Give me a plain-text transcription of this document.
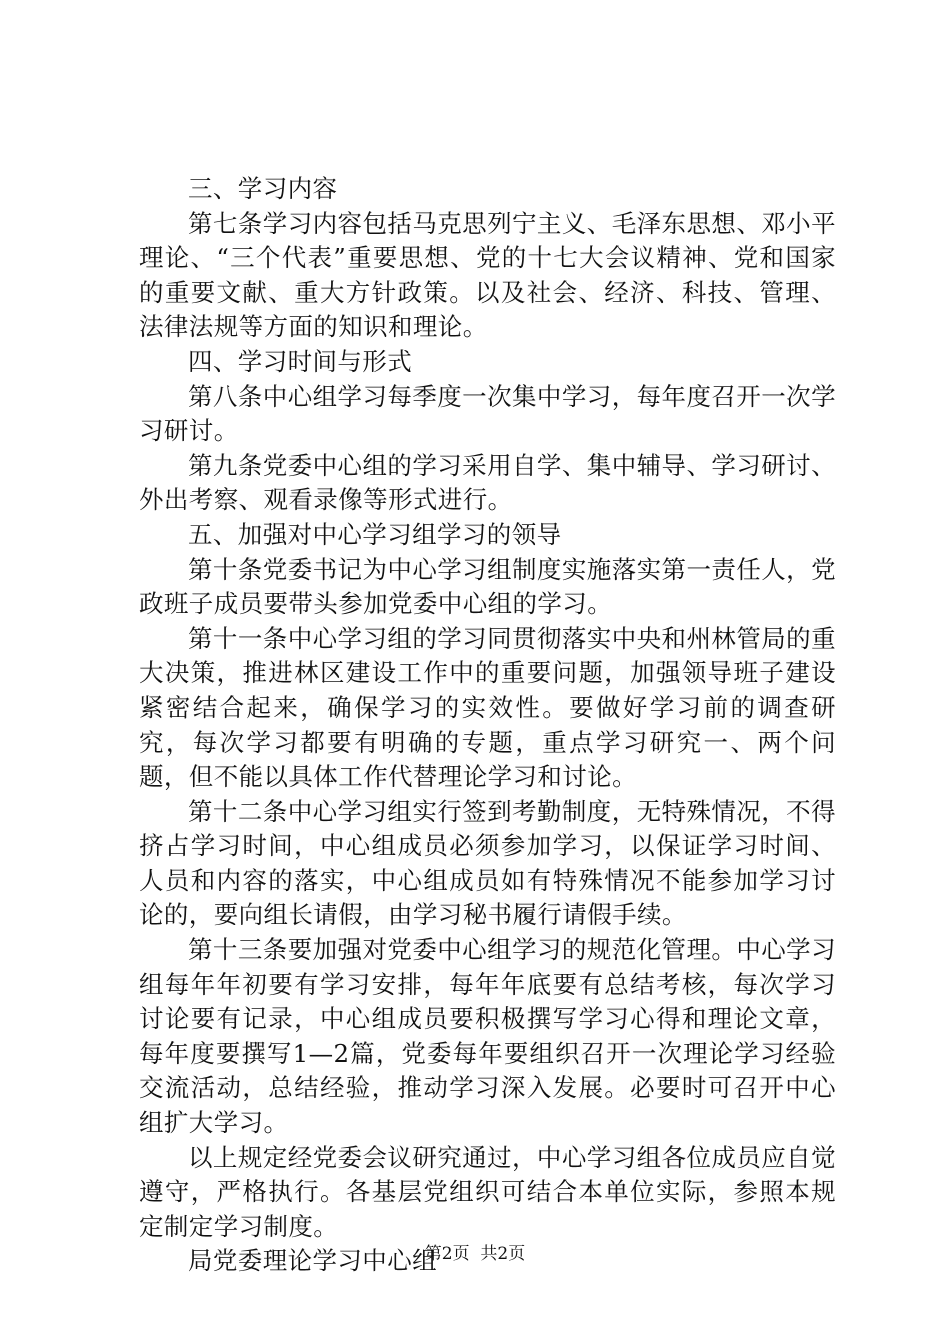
三、学习内容

第七条学习内容包括马克思列宁主义、毛泽东思想、邓小平理论、“三个代表”重要思想、党的十七大会议精神、党和国家的重要文献、重大方针政策。以及社会、经济、科技、管理、法律法规等方面的知识和理论。

四、学习时间与形式

第八条中心组学习每季度一次集中学习，每年度召开一次学习研讨。

第九条党委中心组的学习采用自学、集中辅导、学习研讨、外出考察、观看录像等形式进行。

五、加强对中心学习组学习的领导

第十条党委书记为中心学习组制度实施落实第一责任人，党政班子成员要带头参加党委中心组的学习。

第十一条中心学习组的学习同贯彻落实中央和州林管局的重大决策，推进林区建设工作中的重要问题，加强领导班子建设紧密结合起来，确保学习的实效性。要做好学习前的调查研究，每次学习都要有明确的专题，重点学习研究一、两个问题，但不能以具体工作代替理论学习和讨论。

第十二条中心学习组实行签到考勤制度，无特殊情况，不得挤占学习时间，中心组成员必须参加学习，以保证学习时间、人员和内容的落实，中心组成员如有特殊情况不能参加学习讨论的，要向组长请假，由学习秘书履行请假手续。

第十三条要加强对党委中心组学习的规范化管理。中心学习组每年年初要有学习安排，每年年底要有总结考核，每次学习讨论要有记录，中心组成员要积极撰写学习心得和理论文章，每年度要撰写1—2篇，党委每年要组织召开一次理论学习经验交流活动，总结经验，推动学习深入发展。必要时可召开中心组扩大学习。

以上规定经党委会议研究通过，中心学习组各位成员应自觉遵守，严格执行。各基层党组织可结合本单位实际，参照本规定制定学习制度。

局党委理论学习中心组

第2页 共2页
